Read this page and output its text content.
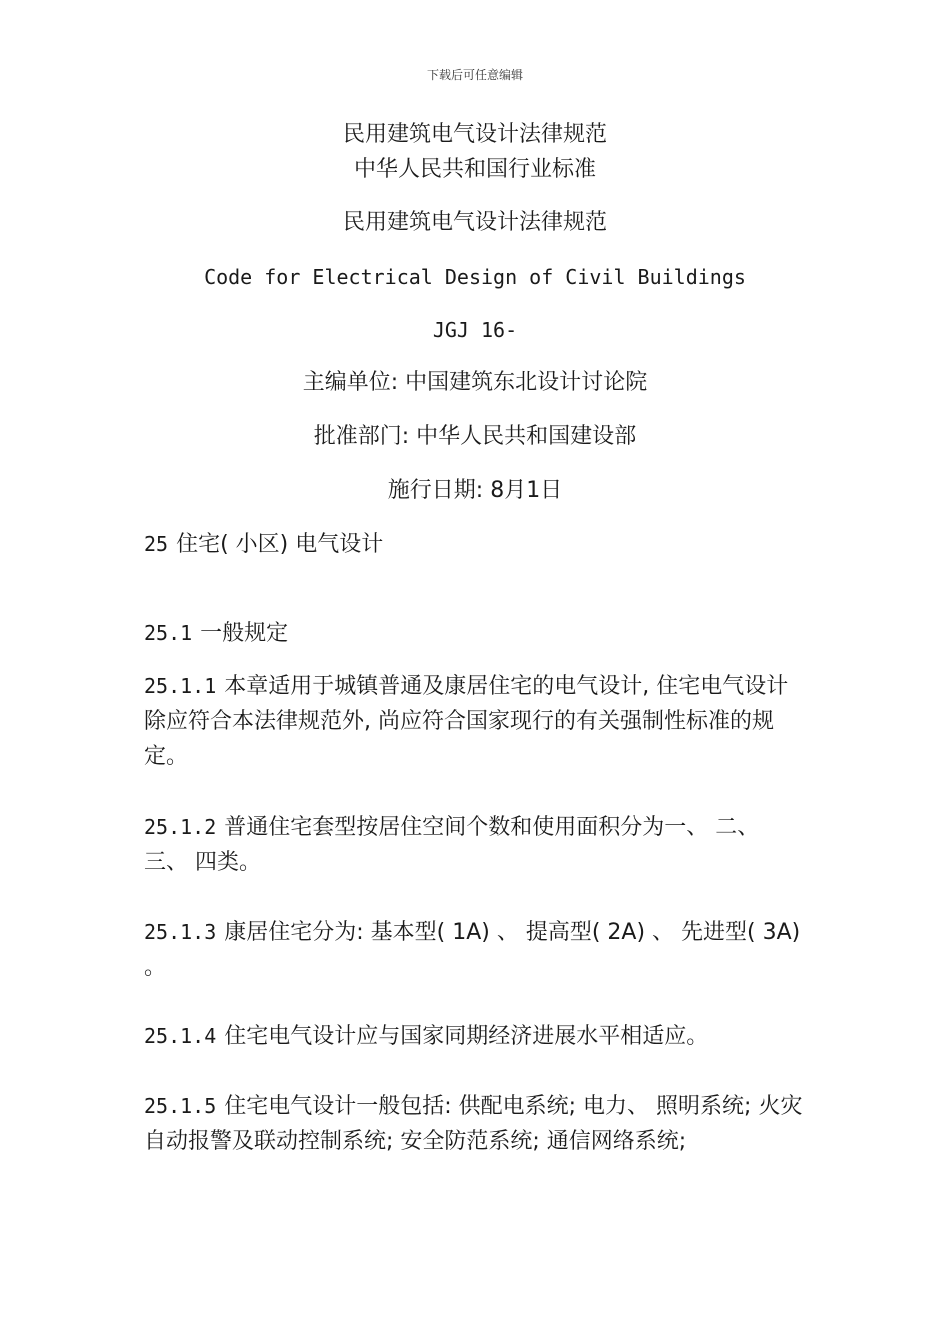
下载后可任意编辑
民用建筑电气设计法律规范
中华人民共和国行业标准
民用建筑电气设计法律规范
Code for Electrical Design of Civil Buildings
JGJ 16-
主编单位: 中国建筑东北设计讨论院
批准部门: 中华人民共和国建设部
施行日期: 8月1日
25 住宅( 小区) 电气设计
25.1 一般规定
25.1.1 本章适用于城镇普通及康居住宅的电气设计, 住宅电气设计除应符合本法律规范外, 尚应符合国家现行的有关强制性标准的规定。
25.1.2 普通住宅套型按居住空间个数和使用面积分为一、 二、 三、 四类。
25.1.3 康居住宅分为: 基本型( 1A) 、 提高型( 2A) 、 先进型( 3A) 。
25.1.4 住宅电气设计应与国家同期经济进展水平相适应。
25.1.5 住宅电气设计一般包括: 供配电系统; 电力、 照明系统; 火灾自动报警及联动控制系统; 安全防范系统; 通信网络系统;
